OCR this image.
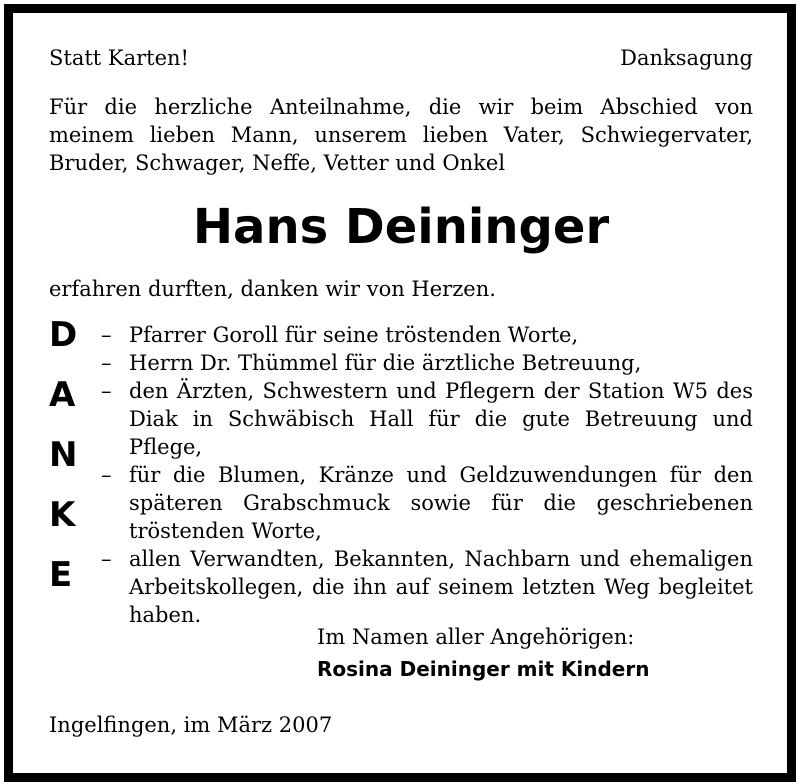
Statt Karten!	Danksagung
Für die herzliche Anteilnahme, die wir beim Abschied von meinem lieben Mann, unserem lieben Vater, Schwiegervater, Bruder, Schwager, Neffe, Vetter und Onkel
Hans Deininger
erfahren durften, danken wir von Herzen.
D
A
N
K
E
– Pfarrer Goroll für seine tröstenden Worte,
– Herrn Dr. Thümmel für die ärztliche Betreuung,
– den Ärzten, Schwestern und Pflegern der Station W5 des Diak in Schwäbisch Hall für die gute Betreuung und Pflege,
– für die Blumen, Kränze und Geldzuwendungen für den späteren Grabschmuck sowie für die geschriebenen tröstenden Worte,
– allen Verwandten, Bekannten, Nachbarn und ehemaligen Arbeitskollegen, die ihn auf seinem letzten Weg begleitet haben.
Im Namen aller Angehörigen:
Rosina Deininger mit Kindern
Ingelfingen, im März 2007
